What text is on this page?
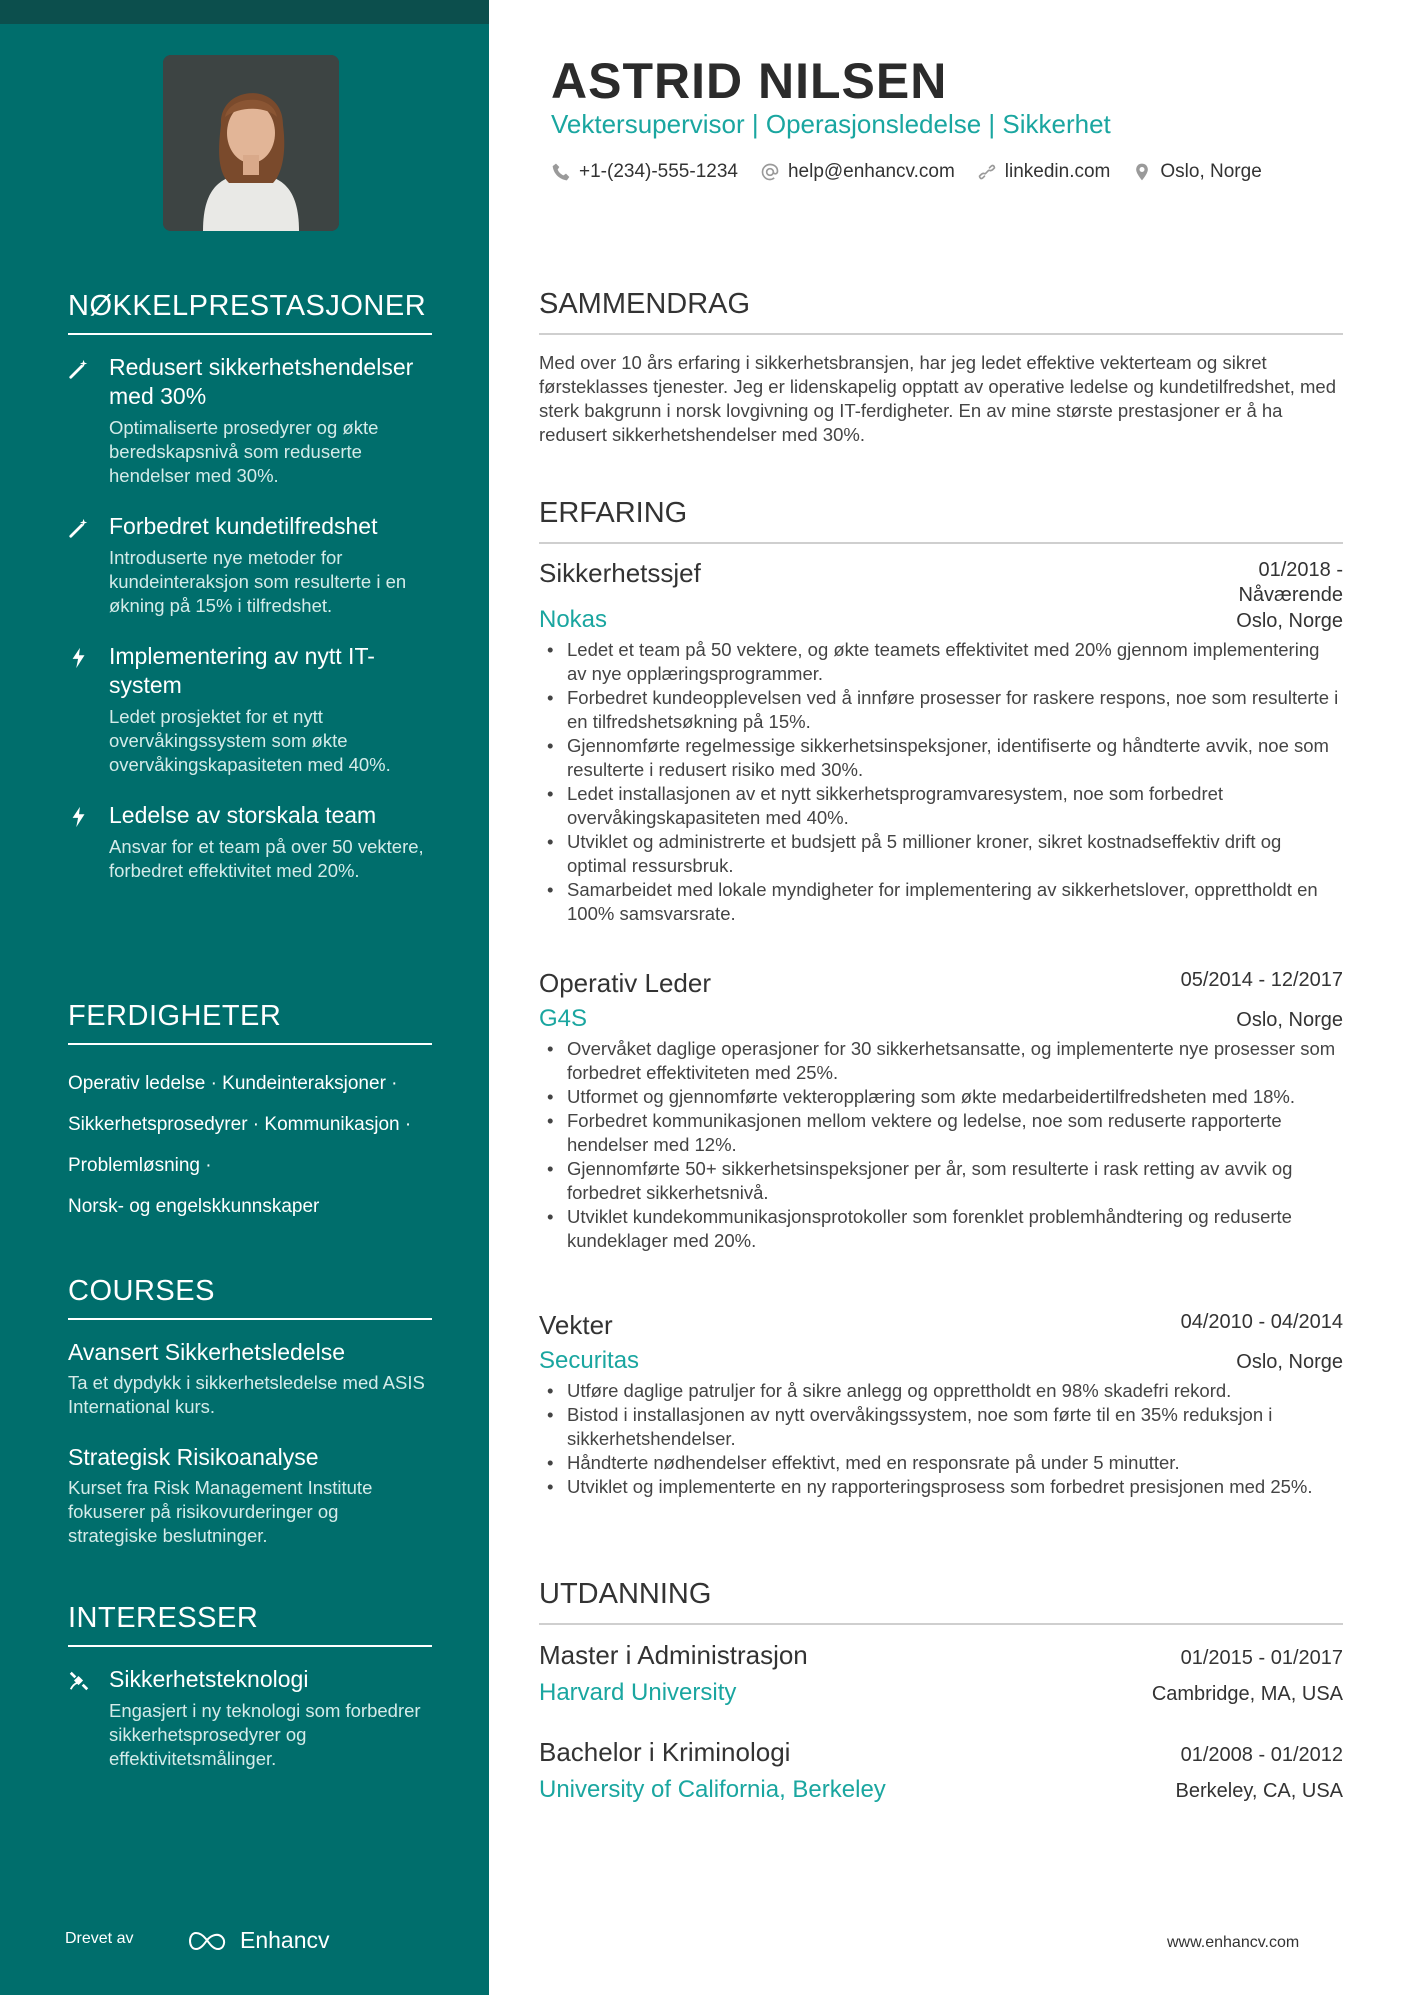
NØKKELPRESTASJONER
Redusert sikkerhetshendelser med 30%
Optimaliserte prosedyrer og økte beredskapsnivå som reduserte hendelser med 30%.
Forbedret kundetilfredshet
Introduserte nye metoder for kundeinteraksjon som resulterte i en økning på 15% i tilfredshet.
Implementering av nytt IT-system
Ledet prosjektet for et nytt overvåkingssystem som økte overvåkingskapasiteten med 40%.
Ledelse av storskala team
Ansvar for et team på over 50 vektere, forbedret effektivitet med 20%.
FERDIGHETER
Operativ ledelse · Kundeinteraksjoner ·
Sikkerhetsprosedyrer · Kommunikasjon ·
Problemløsning ·
Norsk- og engelskkunnskaper
COURSES
Avansert Sikkerhetsledelse
Ta et dypdykk i sikkerhetsledelse med ASIS International kurs.
Strategisk Risikoanalyse
Kurset fra Risk Management Institute fokuserer på risikovurderinger og strategiske beslutninger.
INTERESSER
Sikkerhetsteknologi
Engasjert i ny teknologi som forbedrer sikkerhetsprosedyrer og effektivitetsmålinger.
Drevet av	Enhancv
ASTRID NILSEN
Vektersupervisor | Operasjonsledelse | Sikkerhet
+1-(234)-555-1234	help@enhancv.com	linkedin.com	Oslo, Norge
SAMMENDRAG
Med over 10 års erfaring i sikkerhetsbransjen, har jeg ledet effektive vekterteam og sikret førsteklasses tjenester. Jeg er lidenskapelig opptatt av operative ledelse og kundetilfredshet, med sterk bakgrunn i norsk lovgivning og IT-ferdigheter. En av mine største prestasjoner er å ha redusert sikkerhetshendelser med 30%.
ERFARING
Sikkerhetssjef	01/2018 -
Nåværende
Nokas	Oslo, Norge
• Ledet et team på 50 vektere, og økte teamets effektivitet med 20% gjennom implementering av nye opplæringsprogrammer.
• Forbedret kundeopplevelsen ved å innføre prosesser for raskere respons, noe som resulterte i en tilfredshetsøkning på 15%.
• Gjennomførte regelmessige sikkerhetsinspeksjoner, identifiserte og håndterte avvik, noe som resulterte i redusert risiko med 30%.
• Ledet installasjonen av et nytt sikkerhetsprogramvaresystem, noe som forbedret overvåkingskapasiteten med 40%.
• Utviklet og administrerte et budsjett på 5 millioner kroner, sikret kostnadseffektiv drift og optimal ressursbruk.
• Samarbeidet med lokale myndigheter for implementering av sikkerhetslover, opprettholdt en 100% samsvarsrate.
Operativ Leder	05/2014 - 12/2017
G4S	Oslo, Norge
• Overvåket daglige operasjoner for 30 sikkerhetsansatte, og implementerte nye prosesser som forbedret effektiviteten med 25%.
• Utformet og gjennomførte vekteropplæring som økte medarbeidertilfredsheten med 18%.
• Forbedret kommunikasjonen mellom vektere og ledelse, noe som reduserte rapporterte hendelser med 12%.
• Gjennomførte 50+ sikkerhetsinspeksjoner per år, som resulterte i rask retting av avvik og forbedret sikkerhetsnivå.
• Utviklet kundekommunikasjonsprotokoller som forenklet problemhåndtering og reduserte kundeklager med 20%.
Vekter	04/2010 - 04/2014
Securitas	Oslo, Norge
• Utføre daglige patruljer for å sikre anlegg og opprettholdt en 98% skadefri rekord.
• Bistod i installasjonen av nytt overvåkingssystem, noe som førte til en 35% reduksjon i sikkerhetshendelser.
• Håndterte nødhendelser effektivt, med en responsrate på under 5 minutter.
• Utviklet og implementerte en ny rapporteringsprosess som forbedret presisjonen med 25%.
UTDANNING
Master i Administrasjon	01/2015 - 01/2017
Harvard University	Cambridge, MA, USA
Bachelor i Kriminologi	01/2008 - 01/2012
University of California, Berkeley	Berkeley, CA, USA
www.enhancv.com
